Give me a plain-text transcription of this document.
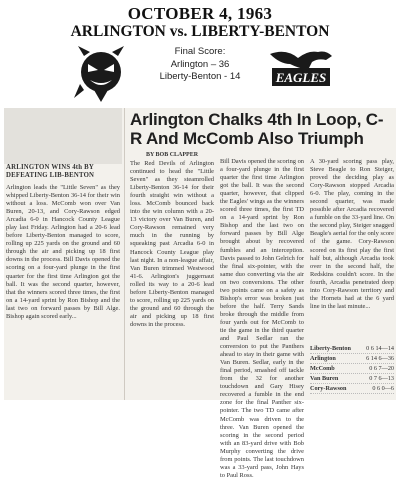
OCTOBER 4, 1963
ARLINGTON vs. LIBERTY-BENTON
Final Score:
Arlington – 36
Liberty-Benton - 14	EAGLES
ARLINGTON WINS 4th BY DEFEATING LIB-BENTON
Arlington leads the "Little Seven" as they whipped Liberty-Benton 36-14 for their win without a loss. McComb won over Van Buren, 20-13, and Cory-Rawson edged Arcadia 6-0 in Hancock County League play last Friday. Arlington had a 20-6 lead before Liberty-Benton managed to score, rolling up 225 yards on the ground and 60 through the air and picking up 18 first downs in the process. Bill Davis opened the scoring on a four-yard plunge in the first quarter for the first time Arlington got the ball. It was the second quarter, however, that the winners scored three times, the first on a 14-yard sprint by Ron Bishop and the last two on forward passes by Bill Alge. Bishop again scored early...
Arlington Chalks 4th In Loop, C-R And McComb Also Triumph
BY BOB CLAPPER
The Red Devils of Arlington continued to head the "Little Seven" as they steamrolled Liberty-Benton 36-14 for their fourth straight win without a loss. McComb bounced back into the win column with a 20-13 victory over Van Buren, and Cory-Rawson remained very much in the running by squeaking past Arcadia 6-0 in Hancock County League play last night. In a non-league affair, Van Buren trimmed Westwood 41-6. Arlington's juggernaut rolled its way to a 20-6 lead before Liberty-Benton managed to score, rolling up 225 yards on the ground and 60 through the air and picking up 18 first downs in the process.
Bill Davis opened the scoring on a four-yard plunge in the first quarter the first time Arlington got the ball. It was the second quarter, however, that clipped the Eagles' wings as the winners scored three times, the first TD on a 14-yard sprint by Ron Bishop and the last two on forward passes by Bill Alge brought about by recovered fumbles and an interception. Davis passed to John Gelrich for the final six-pointer, with the same duo converting via the air on two conversions. The other two points came on a safety as Bishop's error was broken just before the half. Terry Sands broke through the middle from four yards out for McComb to tie the game in the third quarter and Paul Sedlar ran the conversion to put the Panthers ahead to stay in their game with Van Buren. Sedlar, early in the final period, smashed off tackle from the 32 for another touchdown and Gary Hisey recovered a fumble in the end zone for the final Panther six-pointer. The two TD came after McComb was driven to the three. Van Buren opened the scoring in the second period with an 83-yard drive with Bob Murphy converting the drive from points. The last touchdown was a 33-yard pass, John Hays to Paul Ross.
A 30-yard scoring pass play, Steve Beagle to Ron Steiger, proved the deciding play as Cory-Rawson stopped Arcadia 6-0. The play, coming in the second quarter, was made possible after Arcadia recovered a fumble on the 33-yard line. On the second play, Steiger snagged Beagle's aerial for the only score of the game. Cory-Rawson scored on its first play the first half but, although Arcadia took over in the second half, the Redskins couldn't score. In the fourth, Arcadia penetrated deep into Cory-Rawson territory and the Hornets had at the 6 yard line in the last minute...
Liberty-Benton 0 6 14—14
Arlington	6 14 6—36
McComb	0 6 7—20
Van Buren	0 7 6—13
Cory-Rawson	0 6 0—6
